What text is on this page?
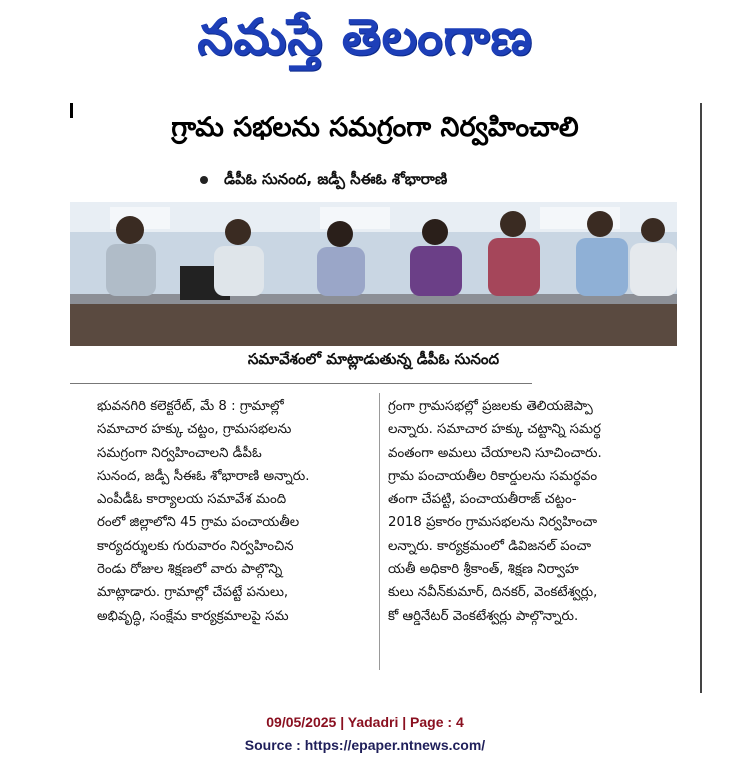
నమస్తే తెలంగాణ
గ్రామ సభలను సమగ్రంగా నిర్వహించాలి
డీపీఓ సునంద, జడ్పీ సీఈఓ శోభారాణి
సమావేశంలో మాట్లాడుతున్న డీపీఓ సునంద
భువనగిరి కలెక్టరేట్, మే 8 : గ్రామాల్లో
సమాచార హక్కు చట్టం, గ్రామసభలను
సమగ్రంగా నిర్వహించాలని డీపీఓ
సునంద, జడ్పీ సీఈఓ శోభారాణి అన్నారు.
ఎంపీడీఓ కార్యాలయ సమావేశ మంది
రంలో జిల్లాలోని 45 గ్రామ పంచాయతీల
కార్యదర్శులకు గురువారం నిర్వహించిన
రెండు రోజుల శిక్షణలో వారు పాల్గొన్ని
మాట్లాడారు. గ్రామాల్లో చేపట్టే పనులు,
అభివృద్ధి, సంక్షేమ కార్యక్రమాలపై సమ
గ్రంగా గ్రామసభల్లో ప్రజలకు తెలియజెప్పా
లన్నారు. సమాచార హక్కు చట్టాన్ని సమర్థ
వంతంగా అమలు చేయాలని సూచించారు.
గ్రామ పంచాయతీల రికార్డులను సమర్థవం
తంగా చేపట్టి, పంచాయతీరాజ్ చట్టం-
2018 ప్రకారం గ్రామసభలను నిర్వహించా
లన్నారు. కార్యక్రమంలో డివిజనల్ పంచా
యతీ అధికారి శ్రీకాంత్, శిక్షణ నిర్వాహ
కులు నవీన్‌కుమార్, దినకర్, వెంకటేశ్వర్లు,
కో ఆర్డినేటర్ వెంకటేశ్వర్లు పాల్గొన్నారు.
09/05/2025 | Yadadri | Page : 4
Source : https://epaper.ntnews.com/
